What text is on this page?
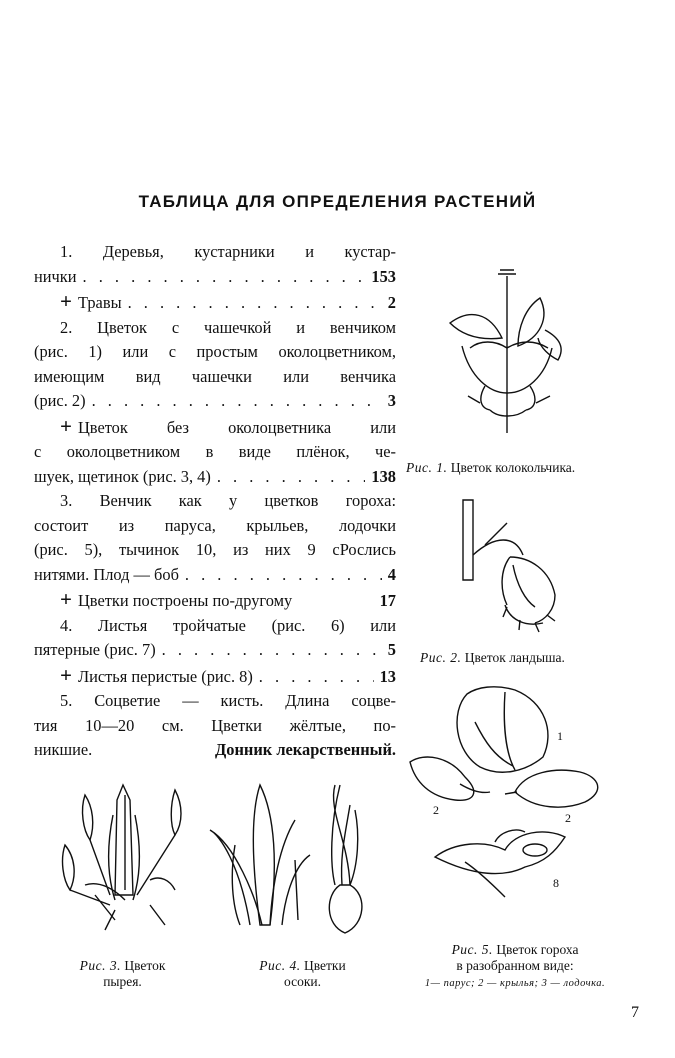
ТАБЛИЦА ДЛЯ ОПРЕДЕЛЕНИЯ РАСТЕНИЙ
1. Деревья, кустарники и кустар-
нички . . .	153
+ Травы . . .	2
2. Цветок с чашечкой и венчиком
(рис. 1) или с простым околоцветником,
имеющим вид чашечки или венчика
(рис. 2) . . .	3
+ Цветок без околоцветника или
с околоцветником в виде плёнок, че-
шуек, щетинок (рис. 3, 4) . . .	138
3. Венчик как у цветков гороха:
состоит из паруса, крыльев, лодочки
(рис. 5), тычинок 10, из них 9 сРослись
нитями. Плод — боб . . .	4
+ Цветки построены по-другому	17
4. Листья тройчатые (рис. 6) или
пятерные (рис. 7) . . .	5
+ Листья перистые (рис. 8) . . .	13
5. Соцветие — кисть. Длина соцве-
тия 10—20 см. Цветки жёлтые, по-
никшие.	Донник лекарственный.
Рис. 1. Цветок колокольчика.
Рис. 2. Цветок ландыша.
1
2
2
8
Рис. 5. Цветок гороха
в разобранном виде:
1— парус; 2 — крылья; 3 — лодочка.
Рис. 3. Цветок
пырея.
Рис. 4. Цветки
осоки.
7
